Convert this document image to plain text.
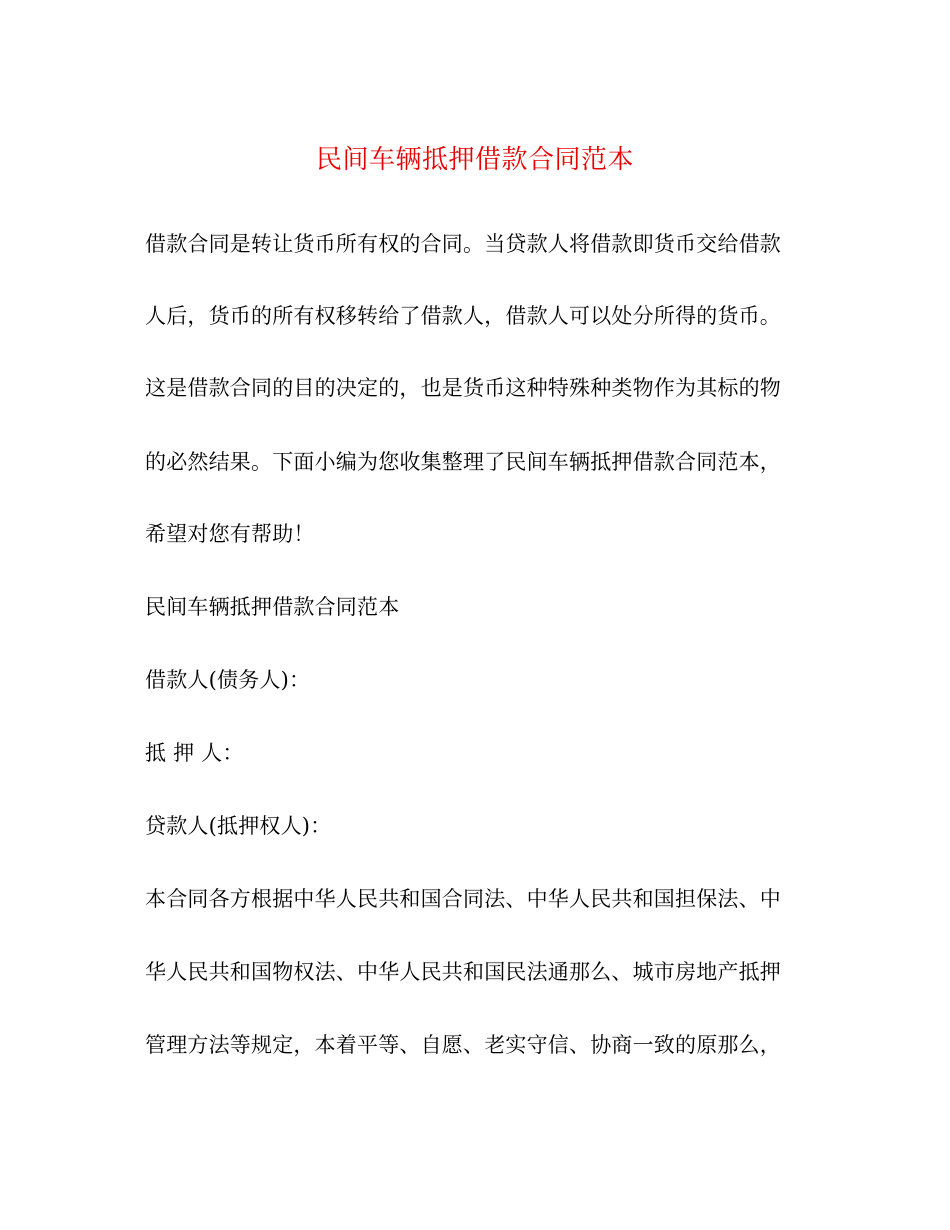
民间车辆抵押借款合同范本
借款合同是转让货币所有权的合同。当贷款人将借款即货币交给借款
人后，货币的所有权移转给了借款人，借款人可以处分所得的货币。
这是借款合同的目的决定的，也是货币这种特殊种类物作为其标的物
的必然结果。下面小编为您收集整理了民间车辆抵押借款合同范本，
希望对您有帮助！
民间车辆抵押借款合同范本
借款人(债务人)：
抵 押 人：
贷款人(抵押权人)：
本合同各方根据中华人民共和国合同法、中华人民共和国担保法、中
华人民共和国物权法、中华人民共和国民法通那么、城市房地产抵押
管理方法等规定，本着平等、自愿、老实守信、协商一致的原那么，
